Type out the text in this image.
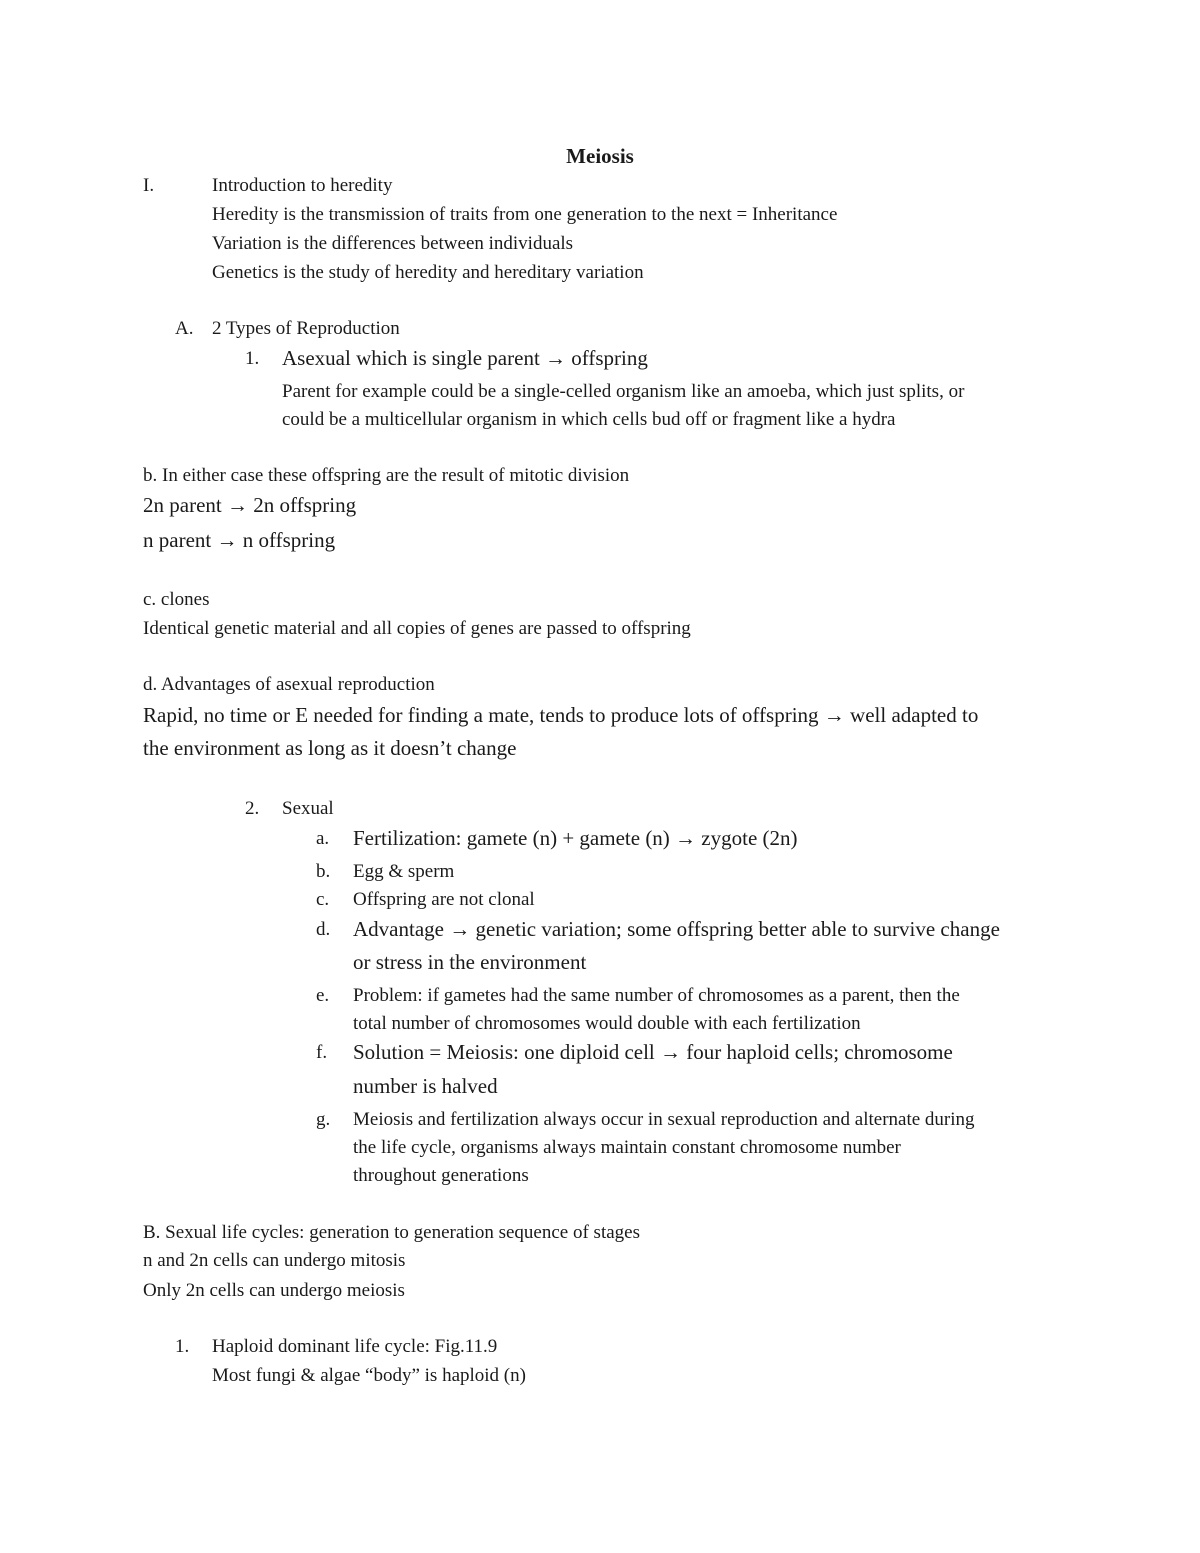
Meiosis
I.	Introduction to heredity
Heredity is the transmission of traits from one generation to the next = Inheritance
Variation is the differences between individuals
Genetics is the study of heredity and hereditary variation
A. 2 Types of Reproduction
1. Asexual which is single parent → offspring
Parent for example could be a single-celled organism like an amoeba, which just splits, or
could be a multicellular organism in which cells bud off or fragment like a hydra
b. In either case these offspring are the result of mitotic division
2n parent → 2n offspring
n parent → n offspring
c. clones
Identical genetic material and all copies of genes are passed to offspring
d. Advantages of asexual reproduction
Rapid, no time or E needed for finding a mate, tends to produce lots of offspring → well adapted to
the environment as long as it doesn’t change
2. Sexual
a. Fertilization: gamete (n) + gamete (n) → zygote (2n)
b. Egg & sperm
c. Offspring are not clonal
d. Advantage → genetic variation; some offspring better able to survive change
or stress in the environment
e. Problem: if gametes had the same number of chromosomes as a parent, then the
total number of chromosomes would double with each fertilization
f. Solution = Meiosis: one diploid cell → four haploid cells; chromosome
number is halved
g. Meiosis and fertilization always occur in sexual reproduction and alternate during
the life cycle, organisms always maintain constant chromosome number
throughout generations
B. Sexual life cycles: generation to generation sequence of stages
n and 2n cells can undergo mitosis
Only 2n cells can undergo meiosis
1. Haploid dominant life cycle: Fig.11.9
Most fungi & algae “body” is haploid (n)
